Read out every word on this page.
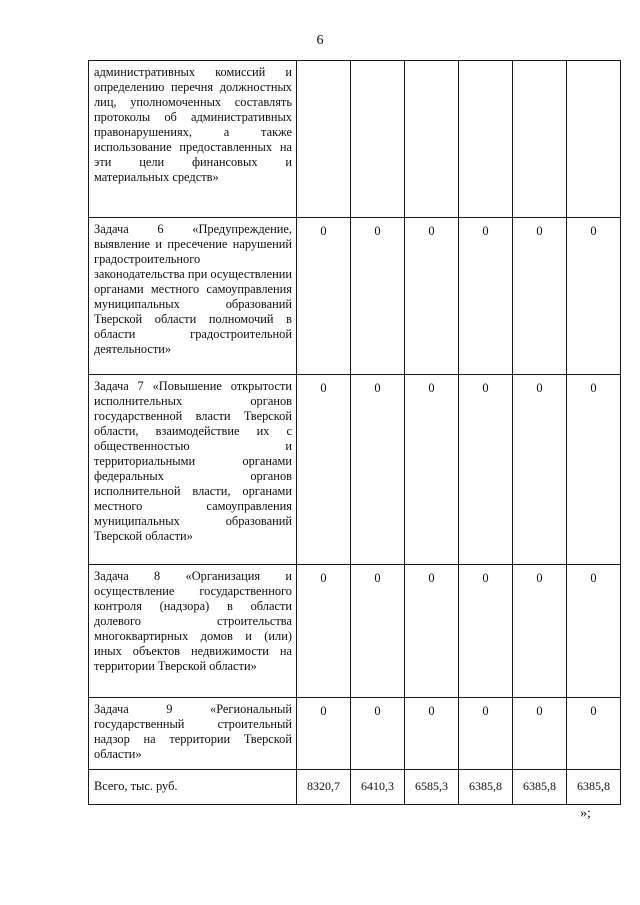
6
административных комиссий и определению перечня должностных лиц, уполномоченных составлять протоколы об административных правонарушениях, а также использование предоставленных на эти цели финансовых и материальных средств»						
Задача 6 «Предупреждение, выявление и пресечение нарушений градостроительного законодательства при осуществлении органами местного самоуправления муниципальных образований Тверской области полномочий в области градостроительной деятельности»	0	0	0	0	0	0
Задача 7 «Повышение открытости исполнительных органов государственной власти Тверской области, взаимодействие их с общественностью и территориальными органами федеральных органов исполнительной власти, органами местного самоуправления муниципальных образований Тверской области»	0	0	0	0	0	0
Задача 8 «Организация и осуществление государственного контроля (надзора) в области долевого строительства многоквартирных домов и (или) иных объектов недвижимости на территории Тверской области»	0	0	0	0	0	0
Задача 9 «Региональный государственный строительный надзор на территории Тверской области»	0	0	0	0	0	0
Всего, тыс. руб.	8320,7	6410,3	6585,3	6385,8	6385,8	6385,8
»;
